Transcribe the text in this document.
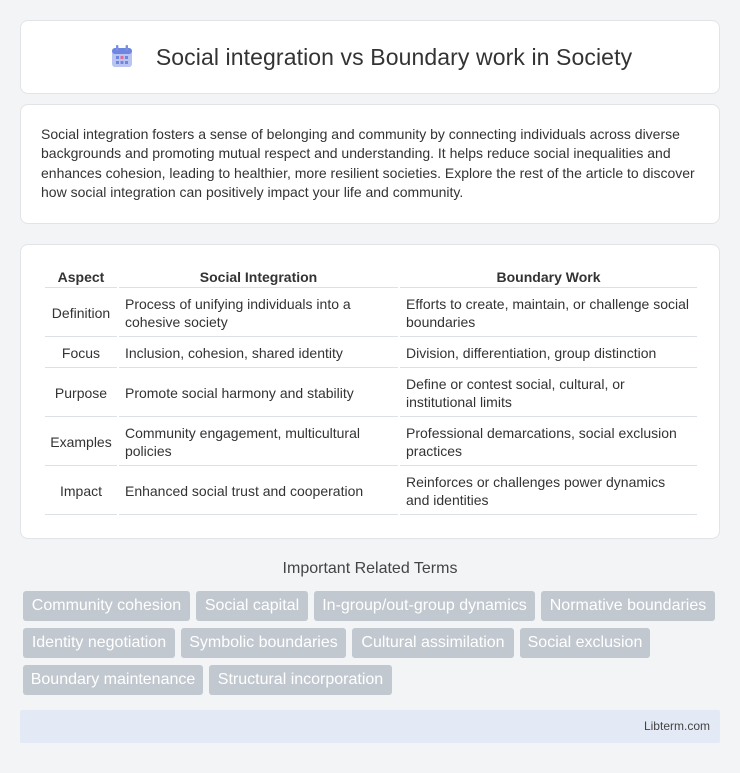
Social integration vs Boundary work in Society

Social integration fosters a sense of belonging and community by connecting individuals across diverse backgrounds and promoting mutual respect and understanding. It helps reduce social inequalities and enhances cohesion, leading to healthier, more resilient societies. Explore the rest of the article to discover how social integration can positively impact your life and community.

Aspect	Social Integration	Boundary Work
Definition	Process of unifying individuals into a cohesive society	Efforts to create, maintain, or challenge social boundaries
Focus	Inclusion, cohesion, shared identity	Division, differentiation, group distinction
Purpose	Promote social harmony and stability	Define or contest social, cultural, or institutional limits
Examples	Community engagement, multicultural policies	Professional demarcations, social exclusion practices
Impact	Enhanced social trust and cooperation	Reinforces or challenges power dynamics and identities
Important Related Terms
Community cohesion	Social capital	In-group/out-group dynamics	Normative boundaries
Identity negotiation	Symbolic boundaries	Cultural assimilation	Social exclusion
Boundary maintenance	Structural incorporation
Libterm.com
